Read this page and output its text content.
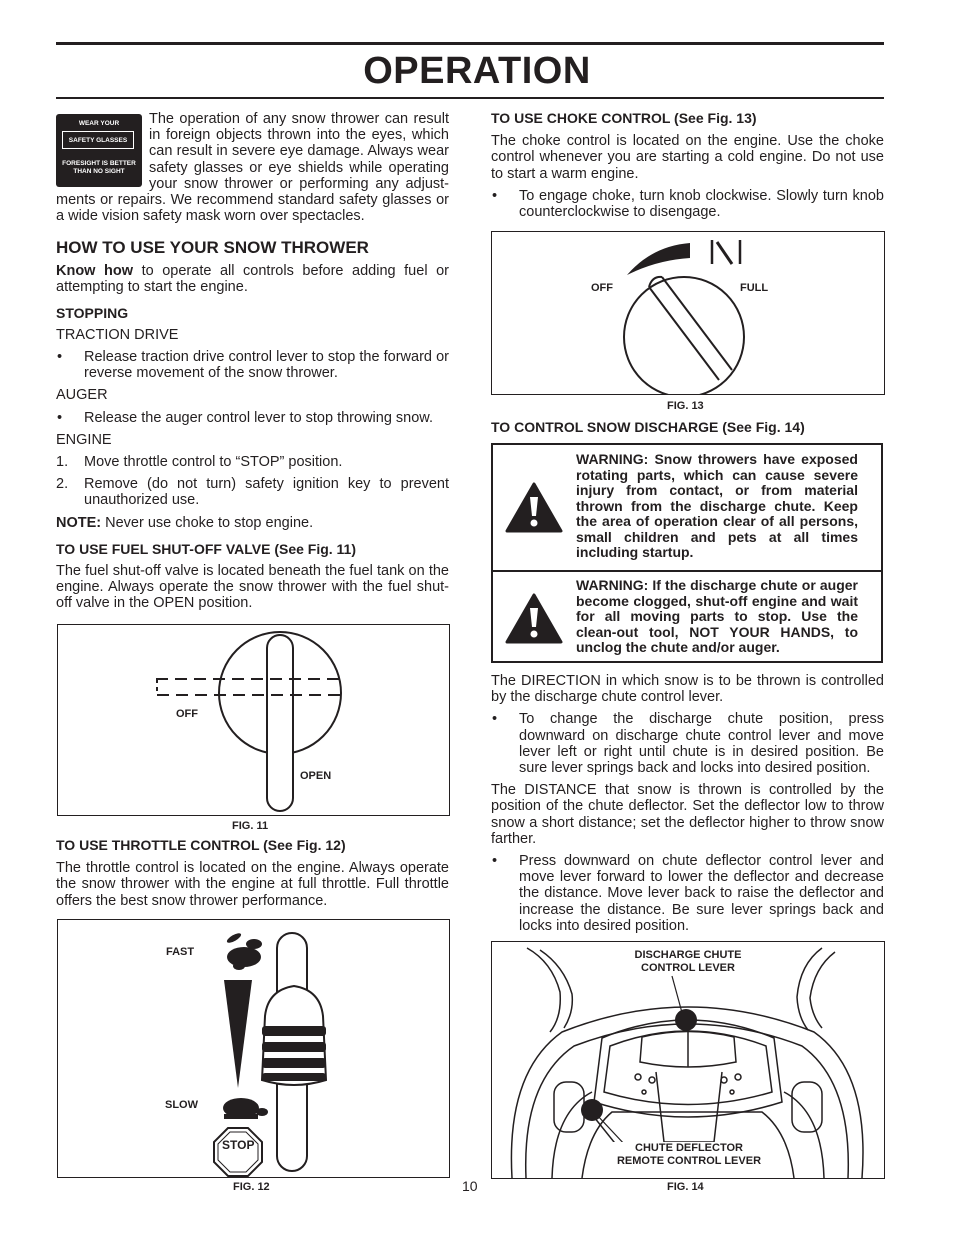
OPERATION
WEAR YOUR
SAFETY GLASSES
FORESIGHT IS BETTER
THAN NO SIGHT

The operation of any snow thrower can result

in foreign objects thrown into the eyes, which

can result in severe eye damage. Always wear

safety glasses or eye shields while operating

your snow thrower or performing any adjust-

ments or repairs. We recommend standard safety glasses or a wide vision safety mask worn over spectacles.

HOW TO USE YOUR SNOW THROWER

Know how to operate all controls before adding fuel or attempting to start the engine.

STOPPING

TRACTION DRIVE

• Release traction drive control lever to stop the forward or reverse movement of the snow thrower.

AUGER

• Release the auger control lever to stop throwing snow.

ENGINE

1. Move throttle control to “STOP” position.

2. Remove (do not turn) safety ignition key to prevent unauthorized use.

NOTE: Never use choke to stop engine.

TO USE FUEL SHUT-OFF VALVE (See Fig. 11)

The fuel shut-off valve is located beneath the fuel tank on the engine. Always operate the snow thrower with the fuel shut-off valve in the OPEN position.

OFF
OPEN
FIG. 11
TO USE THROTTLE CONTROL (See Fig. 12)

The throttle control is located on the engine. Always operate the snow thrower with the engine at full throttle. Full throttle offers the best snow thrower performance.

FAST
SLOW
STOP
FIG. 12
TO USE CHOKE CONTROL (See Fig. 13)

The choke control is located on the engine. Use the choke control whenever you are starting a cold engine. Do not use to start a warm engine.

• To engage choke, turn knob clockwise. Slowly turn knob counterclockwise to disengage.

OFF	FULL
FIG. 13
TO CONTROL SNOW DISCHARGE (See Fig. 14)
WARNING: Snow throwers have exposed rotating parts, which can cause severe injury from contact, or from material thrown from the discharge chute. Keep the area of operation clear of all persons, small children and pets at all times including startup.
WARNING: If the discharge chute or auger become clogged, shut-off engine and wait for all moving parts to stop. Use the clean-out tool, NOT YOUR HANDS, to unclog the chute and/or auger.

The DIRECTION in which snow is to be thrown is controlled by the discharge chute control lever.

• To change the discharge chute position, press downward on discharge chute control lever and move lever left or right until chute is in desired position. Be sure lever springs back and locks into desired position.

The DISTANCE that snow is thrown is controlled by the position of the chute deflector. Set the deflector low to throw snow a short distance; set the deflector higher to throw snow farther.

• Press downward on chute deflector control lever and move lever forward to lower the deflector and decrease the distance. Move lever back to raise the deflector and increase the distance. Be sure lever springs back and locks into desired position.

DISCHARGE CHUTE
CONTROL LEVER
CHUTE DEFLECTOR
REMOTE CONTROL LEVER
FIG. 14
10
